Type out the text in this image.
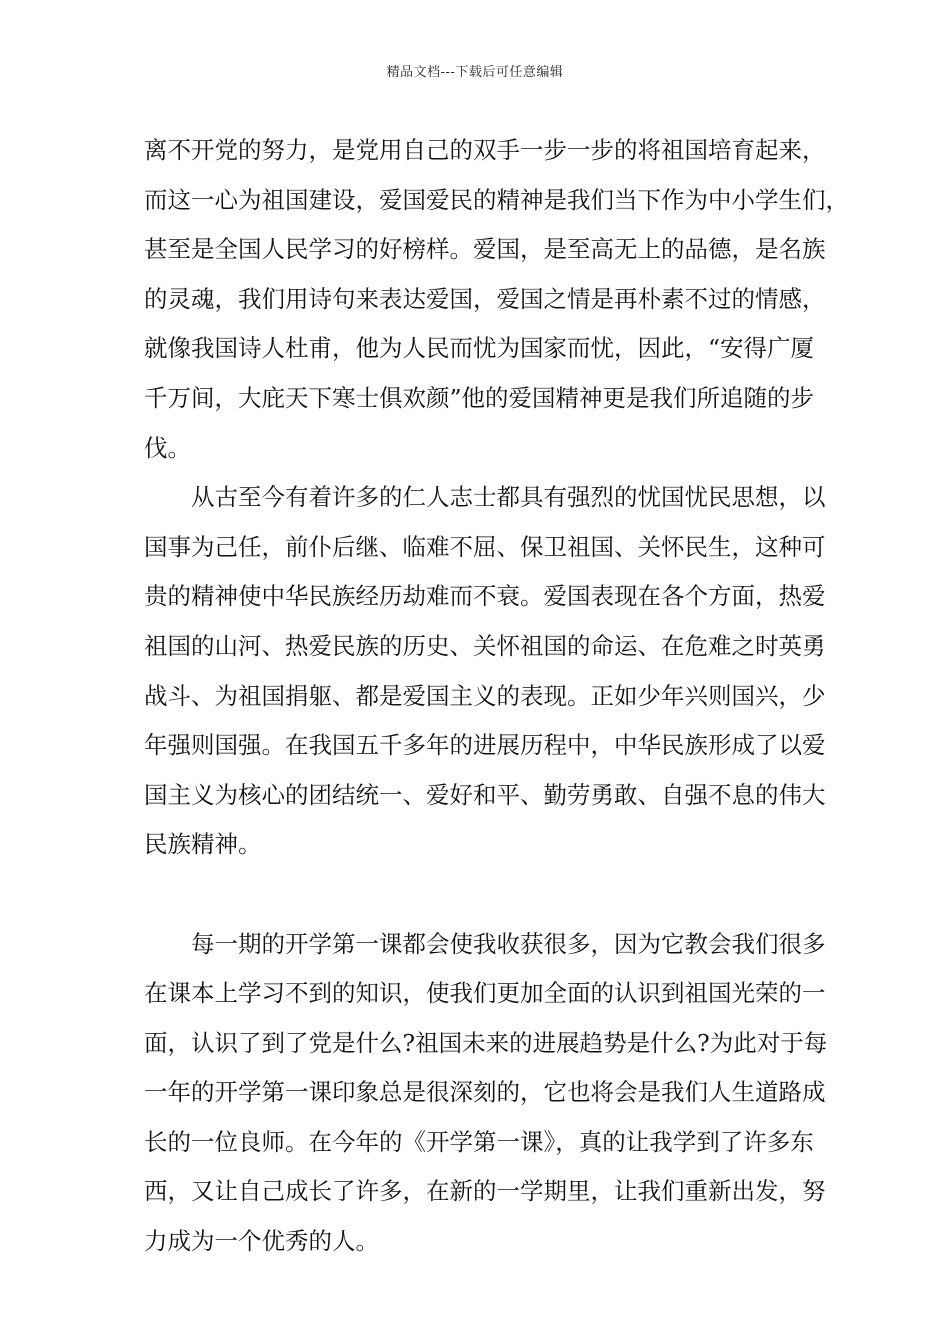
精品文档---下载后可任意编辑
离不开党的努力，是党用自己的双手一步一步的将祖国培育起来，
而这一心为祖国建设，爱国爱民的精神是我们当下作为中小学生们，
甚至是全国人民学习的好榜样。爱国，是至高无上的品德，是名族
的灵魂，我们用诗句来表达爱国，爱国之情是再朴素不过的情感，
就像我国诗人杜甫，他为人民而忧为国家而忧，因此，“安得广厦
千万间，大庇天下寒士俱欢颜”他的爱国精神更是我们所追随的步
伐。
从古至今有着许多的仁人志士都具有强烈的忧国忧民思想，以
国事为己任，前仆后继、临难不屈、保卫祖国、关怀民生，这种可
贵的精神使中华民族经历劫难而不衰。爱国表现在各个方面，热爱
祖国的山河、热爱民族的历史、关怀祖国的命运、在危难之时英勇
战斗、为祖国捐躯、都是爱国主义的表现。正如少年兴则国兴，少
年强则国强。在我国五千多年的进展历程中，中华民族形成了以爱
国主义为核心的团结统一、爱好和平、勤劳勇敢、自强不息的伟大
民族精神。
每一期的开学第一课都会使我收获很多，因为它教会我们很多
在课本上学习不到的知识，使我们更加全面的认识到祖国光荣的一
面，认识了到了党是什么?祖国未来的进展趋势是什么?为此对于每
一年的开学第一课印象总是很深刻的，它也将会是我们人生道路成
长的一位良师。在今年的《开学第一课》，真的让我学到了许多东
西，又让自己成长了许多，在新的一学期里，让我们重新出发，努
力成为一个优秀的人。
